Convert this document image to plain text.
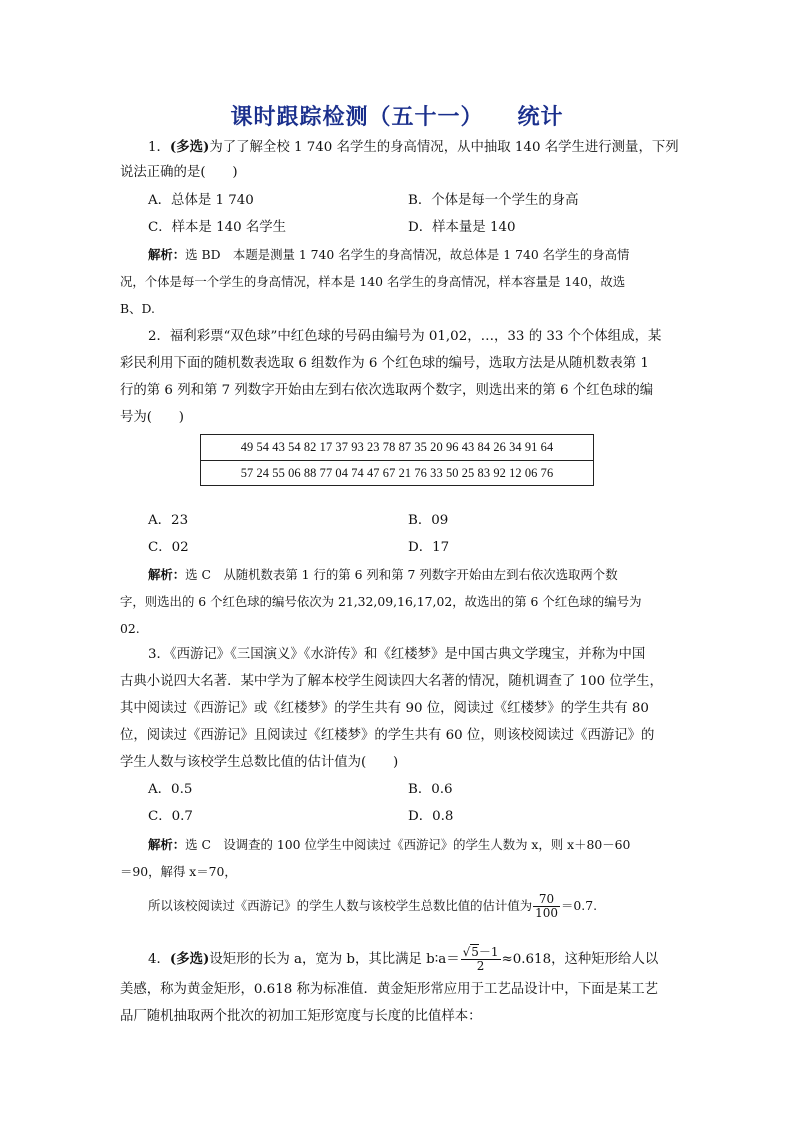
课时跟踪检测（五十一） 统计
1．(多选)为了了解全校 1 740 名学生的身高情况，从中抽取 140 名学生进行测量，下列
说法正确的是(　　)
A．总体是 1 740	B．个体是每一个学生的身高
C．样本是 140 名学生	D．样本量是 140
解析：选 BD　本题是测量 1 740 名学生的身高情况，故总体是 1 740 名学生的身高情
况，个体是每一个学生的身高情况，样本是 140 名学生的身高情况，样本容量是 140，故选
B、D.
2．福利彩票“双色球”中红色球的号码由编号为 01,02，…，33 的 33 个个体组成，某
彩民利用下面的随机数表选取 6 组数作为 6 个红色球的编号，选取方法是从随机数表第 1
行的第 6 列和第 7 列数字开始由左到右依次选取两个数字，则选出来的第 6 个红色球的编
号为(　　)
49 54 43 54 82 17 37 93 23 78 87 35 20 96 43 84 26 34 91 64
57 24 55 06 88 77 04 74 47 67 21 76 33 50 25 83 92 12 06 76
A．23	B．09
C．02	D．17
解析：选 C　从随机数表第 1 行的第 6 列和第 7 列数字开始由左到右依次选取两个数
字，则选出的 6 个红色球的编号依次为 21,32,09,16,17,02，故选出的第 6 个红色球的编号为
02.
3．《西游记》《三国演义》《水浒传》和《红楼梦》是中国古典文学瑰宝，并称为中国
古典小说四大名著．某中学为了解本校学生阅读四大名著的情况，随机调查了 100 位学生，
其中阅读过《西游记》或《红楼梦》的学生共有 90 位，阅读过《红楼梦》的学生共有 80
位，阅读过《西游记》且阅读过《红楼梦》的学生共有 60 位，则该校阅读过《西游记》的
学生人数与该校学生总数比值的估计值为(　　)
A．0.5	B．0.6
C．0.7	D．0.8
解析：选 C　设调查的 100 位学生中阅读过《西游记》的学生人数为 x，则 x＋80－60
＝90，解得 x＝70，
所以该校阅读过《西游记》的学生人数与该校学生总数比值的估计值为 $\frac{70}{100} =0.7$.
4．(多选)设矩形的长为 a，宽为 b，其比满足 b∶a＝ $\frac{√5-1}{2} \approx 0.618$，这种矩形给人以
美感，称为黄金矩形，0.618 称为标准值．黄金矩形常应用于工艺品设计中，下面是某工艺
品厂随机抽取两个批次的初加工矩形宽度与长度的比值样本：
